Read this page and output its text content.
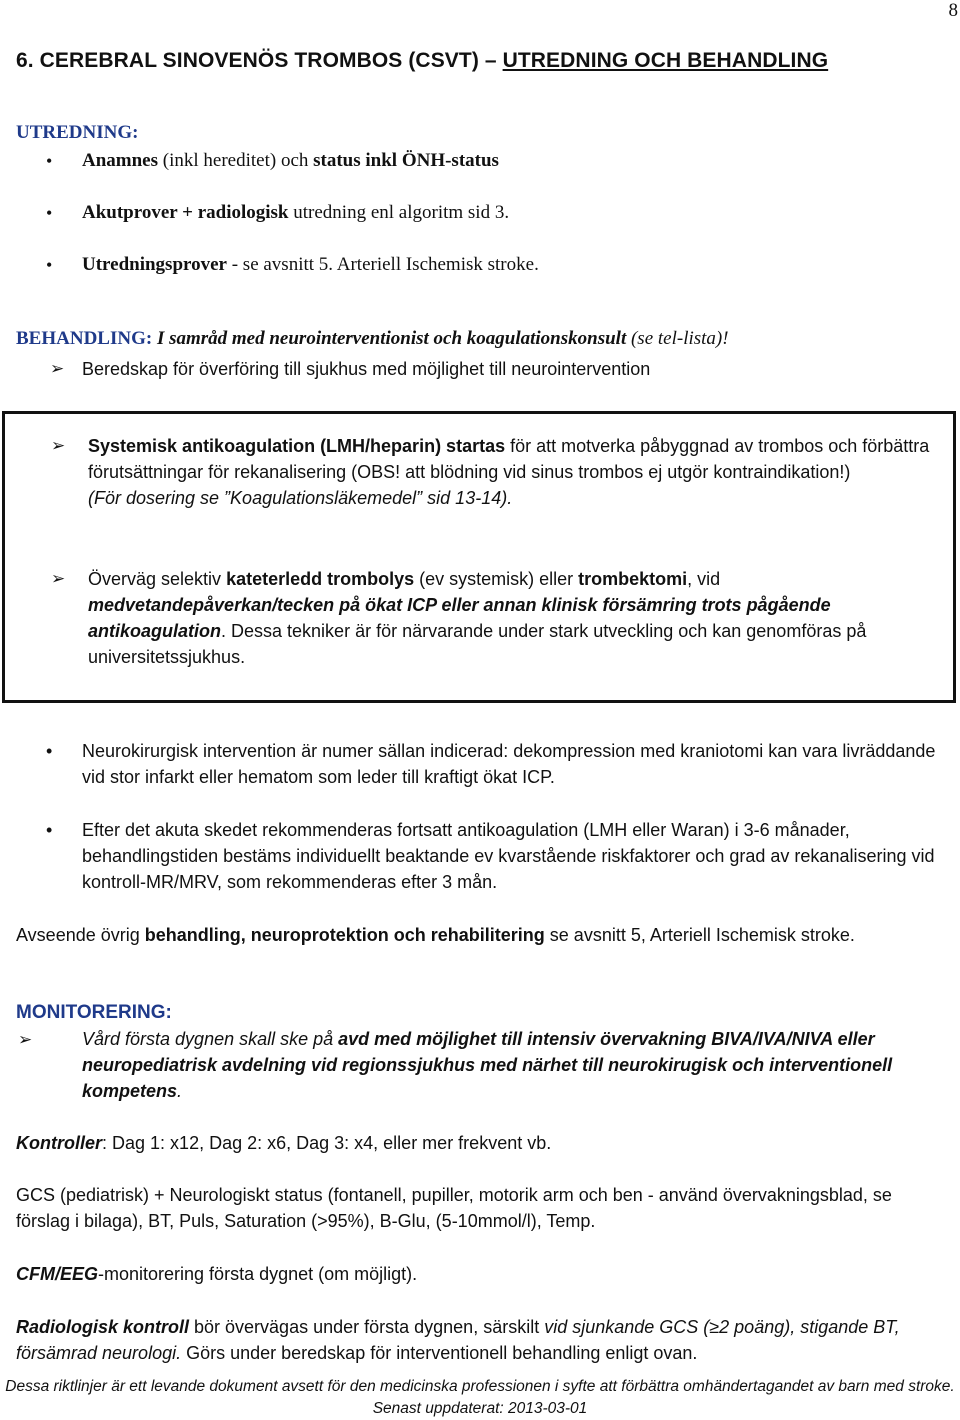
8
6. CEREBRAL SINOVENÖS TROMBOS (CSVT) – UTREDNING OCH BEHANDLING
UTREDNING:
• Anamnes (inkl hereditet) och status inkl ÖNH-status
• Akutprover + radiologisk utredning enl algoritm sid 3.
• Utredningsprover - se avsnitt 5. Arteriell Ischemisk stroke.
BEHANDLING: I samråd med neurointerventionist och koagulationskonsult (se tel-lista)!
➢ Beredskap för överföring till sjukhus med möjlighet till neurointervention
➢ Systemisk antikoagulation (LMH/heparin) startas för att motverka påbyggnad av trombos och förbättra förutsättningar för rekanalisering (OBS! att blödning vid sinus trombos ej utgör kontraindikation!)
(För dosering se ”Koagulationsläkemedel” sid 13-14).
➢ Överväg selektiv kateterledd trombolys (ev systemisk) eller trombektomi, vid medvetandepåverkan/tecken på ökat ICP eller annan klinisk försämring trots pågående antikoagulation. Dessa tekniker är för närvarande under stark utveckling och kan genomföras på universitetssjukhus.
• Neurokirurgisk intervention är numer sällan indicerad: dekompression med kraniotomi kan vara livräddande vid stor infarkt eller hematom som leder till kraftigt ökat ICP.
• Efter det akuta skedet rekommenderas fortsatt antikoagulation (LMH eller Waran) i 3-6 månader, behandlingstiden bestäms individuellt beaktande ev kvarstående riskfaktorer och grad av rekanalisering vid kontroll-MR/MRV, som rekommenderas efter 3 mån.
Avseende övrig behandling, neuroprotektion och rehabilitering se avsnitt 5, Arteriell Ischemisk stroke.
MONITORERING:
➢	Vård första dygnen skall ske på avd med möjlighet till intensiv övervakning BIVA/IVA/NIVA eller neuropediatrisk avdelning vid regionssjukhus med närhet till neurokirugisk och interventionell kompetens.
Kontroller: Dag 1: x12, Dag 2: x6, Dag 3: x4, eller mer frekvent vb.
GCS (pediatrisk) + Neurologiskt status (fontanell, pupiller, motorik arm och ben - använd övervakningsblad, se förslag i bilaga), BT, Puls, Saturation (>95%), B-Glu, (5-10mmol/l), Temp.
CFM/EEG-monitorering första dygnet (om möjligt).
Radiologisk kontroll bör övervägas under första dygnen, särskilt vid sjunkande GCS (≥2 poäng), stigande BT, försämrad neurologi. Görs under beredskap för interventionell behandling enligt ovan.
Dessa riktlinjer är ett levande dokument avsett för den medicinska professionen i syfte att förbättra omhändertagandet av barn med stroke. Senast uppdaterat: 2013-03-01
